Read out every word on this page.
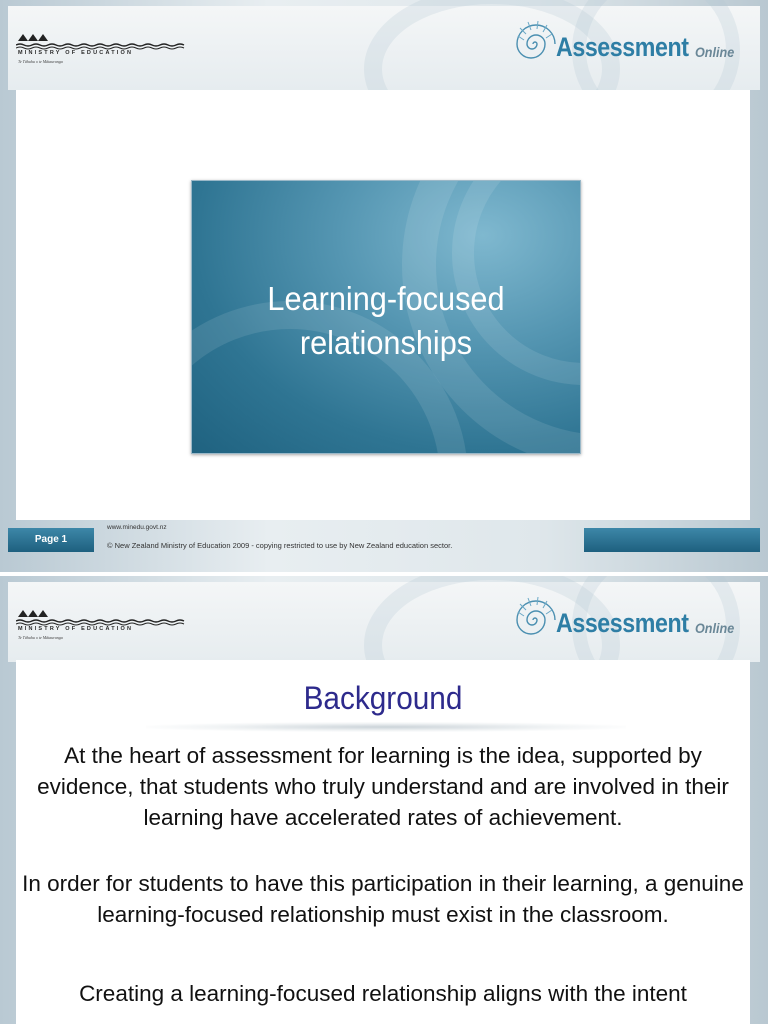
MINISTRY OF EDUCATION
Te Tāhuhu o te Mātauranga	Assessment Online
Learning-focused
relationships
Page 1
www.minedu.govt.nz
© New Zealand Ministry of Education 2009 - copying restricted to use by New Zealand education sector.
MINISTRY OF EDUCATION
Te Tāhuhu o te Mātauranga	Assessment Online
Background
At the heart of assessment for learning is the idea, supported by evidence, that students who truly understand and are involved in their learning have accelerated rates of achievement.
In order for students to have this participation in their learning, a genuine learning-focused relationship must exist in the classroom.
Creating a learning-focused relationship aligns with the intent
